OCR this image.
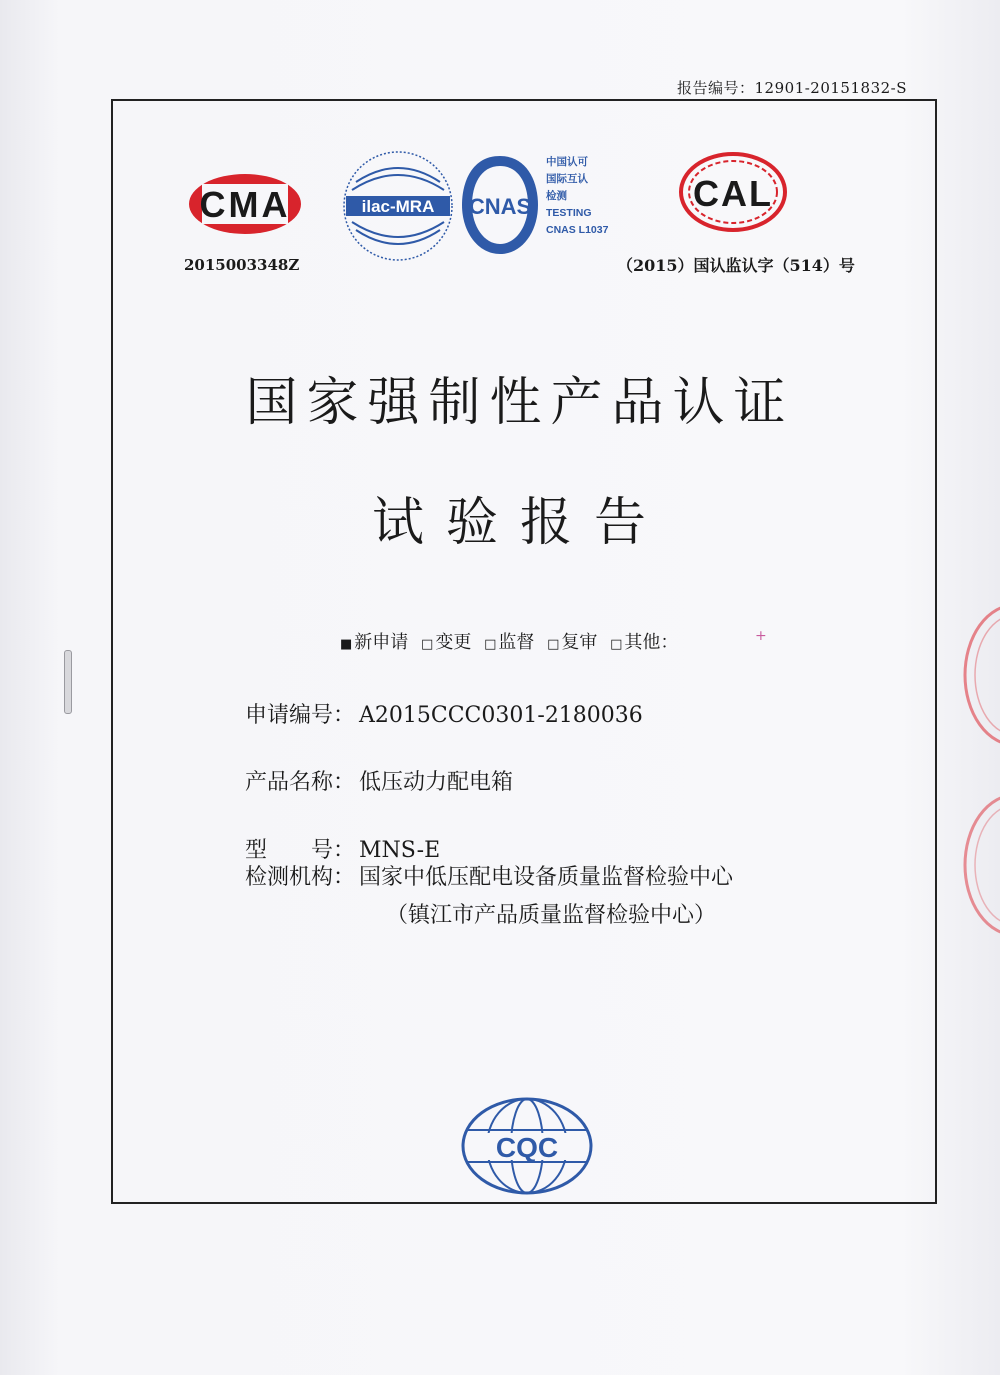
报告编号：12901-20151832-S
CMA
2015003348Z
ilac-MRA CNAS
中国认可
国际互认
检测
TESTING
CNAS L1037
CAL
（2015）国认监认字（514）号
国家强制性产品认证
试验报告
■ 新申请 □ 变更 □ 监督 □ 复审 □ 其他：	+
申请编号： A2015CCC0301-2180036
产品名称： 低压动力配电箱
型 号： MNS-E
检测机构： 国家中低压配电设备质量监督检验中心
（镇江市产品质量监督检验中心）
CQC
